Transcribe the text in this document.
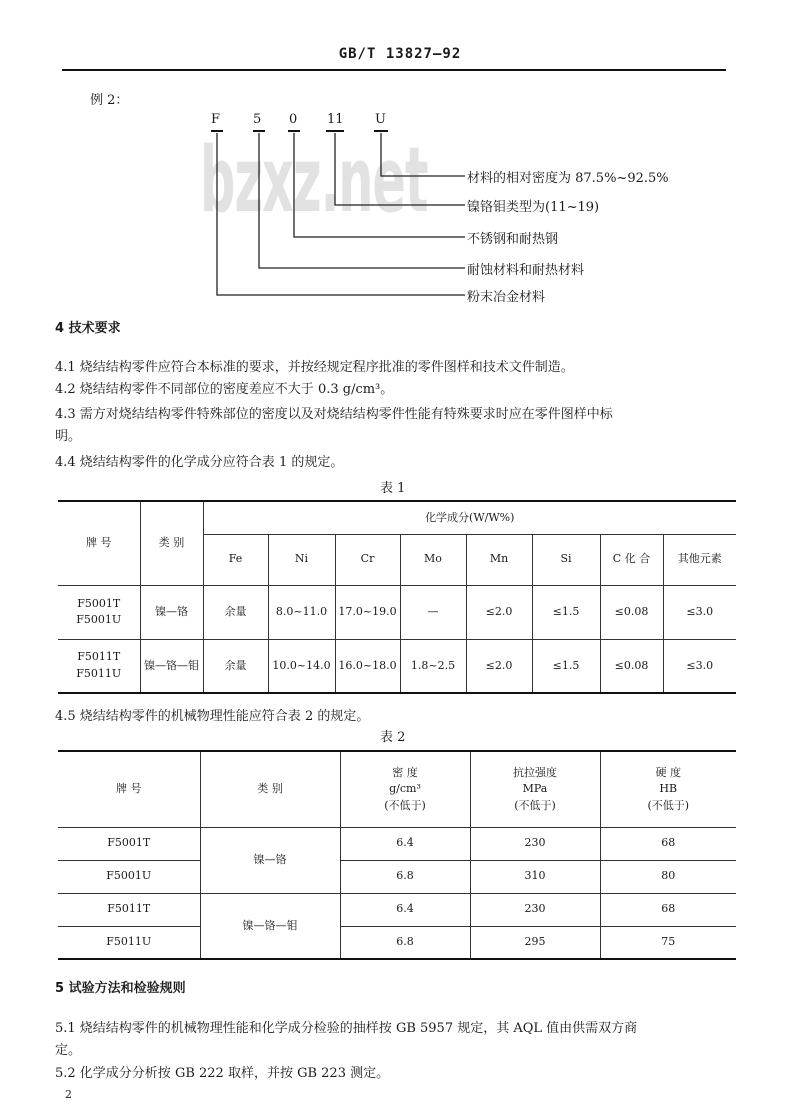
GB/T 13827—92
bzxz.net
例 2：
F	5 0 11 U
材料的相对密度为 87.5%~92.5%
镍铬钼类型为(11~19)
不锈钢和耐热钢
耐蚀材料和耐热材料
粉末冶金材料
4 技术要求
4.1 烧结结构零件应符合本标准的要求，并按经规定程序批准的零件图样和技术文件制造。
4.2 烧结结构零件不同部位的密度差应不大于 0.3 g/cm³。
4.3 需方对烧结结构零件特殊部位的密度以及对烧结结构零件性能有特殊要求时应在零件图样中标
明。
4.4 烧结结构零件的化学成分应符合表 1 的规定。
表 1
牌 号	类 别	化学成分(W/W%)							
		Fe	Ni	Cr	Mo	Mn	Si	C 化 合	其他元素
F5001T
F5001U	镍—铬	余量	8.0~11.0	17.0~19.0	—	≤2.0	≤1.5	≤0.08	≤3.0
F5011T
F5011U	镍—铬—钼	余量	10.0~14.0	16.0~18.0	1.8~2.5	≤2.0	≤1.5	≤0.08	≤3.0
4.5 烧结结构零件的机械物理性能应符合表 2 的规定。
表 2
牌 号	类 别	密 度
g/cm³
(不低于)	抗拉强度
MPa
(不低于)	硬 度
HB
(不低于)
F5001T	镍—铬	6.4	230	68
F5001U		6.8	310	80
F5011T	镍—铬—钼	6.4	230	68
F5011U		6.8	295	75
5 试验方法和检验规则
5.1 烧结结构零件的机械物理性能和化学成分检验的抽样按 GB 5957 规定，其 AQL 值由供需双方商
定。
5.2 化学成分分析按 GB 222 取样，并按 GB 223 测定。
2
